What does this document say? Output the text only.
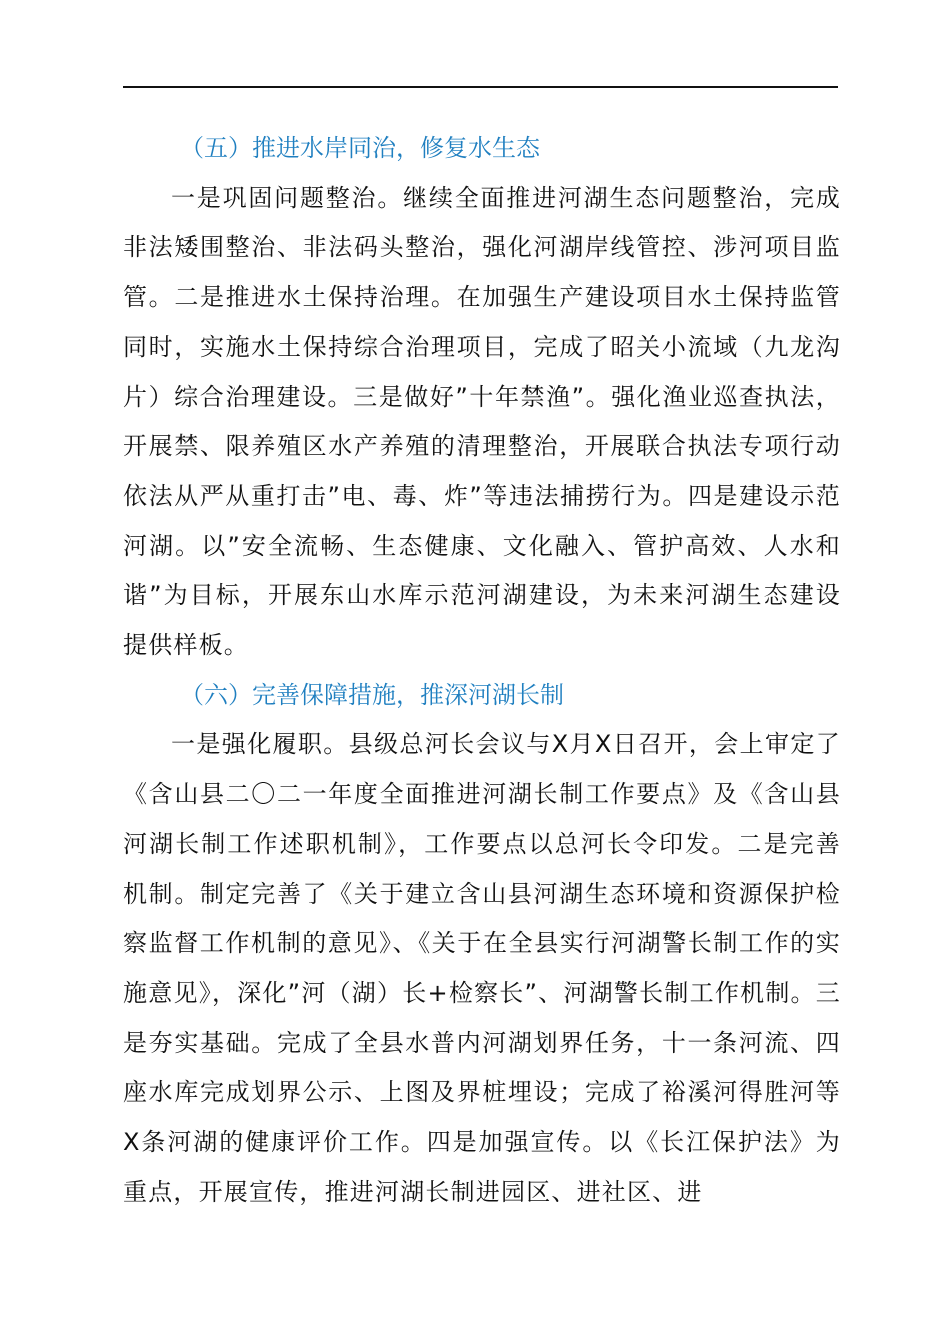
（五）推进水岸同治，修复水生态

一是巩固问题整治。继续全面推进河湖生态问题整治，完成非法矮围整治、非法码头整治，强化河湖岸线管控、涉河项目监管。二是推进水土保持治理。在加强生产建设项目水土保持监管同时，实施水土保持综合治理项目，完成了昭关小流域（九龙沟片）综合治理建设。三是做好”十年禁渔”。强化渔业巡查执法，开展禁、限养殖区水产养殖的清理整治，开展联合执法专项行动依法从严从重打击”电、毒、炸”等违法捕捞行为。四是建设示范河湖。以”安全流畅、生态健康、文化融入、管护高效、人水和谐”为目标，开展东山水库示范河湖建设，为未来河湖生态建设提供样板。

（六）完善保障措施，推深河湖长制

一是强化履职。县级总河长会议与X月X日召开，会上审定了《含山县二〇二一年度全面推进河湖长制工作要点》及《含山县河湖长制工作述职机制》，工作要点以总河长令印发。二是完善机制。制定完善了《关于建立含山县河湖生态环境和资源保护检察监督工作机制的意见》、《关于在全县实行河湖警长制工作的实施意见》，深化”河（湖）长+检察长”、河湖警长制工作机制。三是夯实基础。完成了全县水普内河湖划界任务，十一条河流、四座水库完成划界公示、上图及界桩埋设；完成了裕溪河得胜河等X条河湖的健康评价工作。四是加强宣传。以《长江保护法》为重点，开展宣传，推进河湖长制进园区、进社区、进
